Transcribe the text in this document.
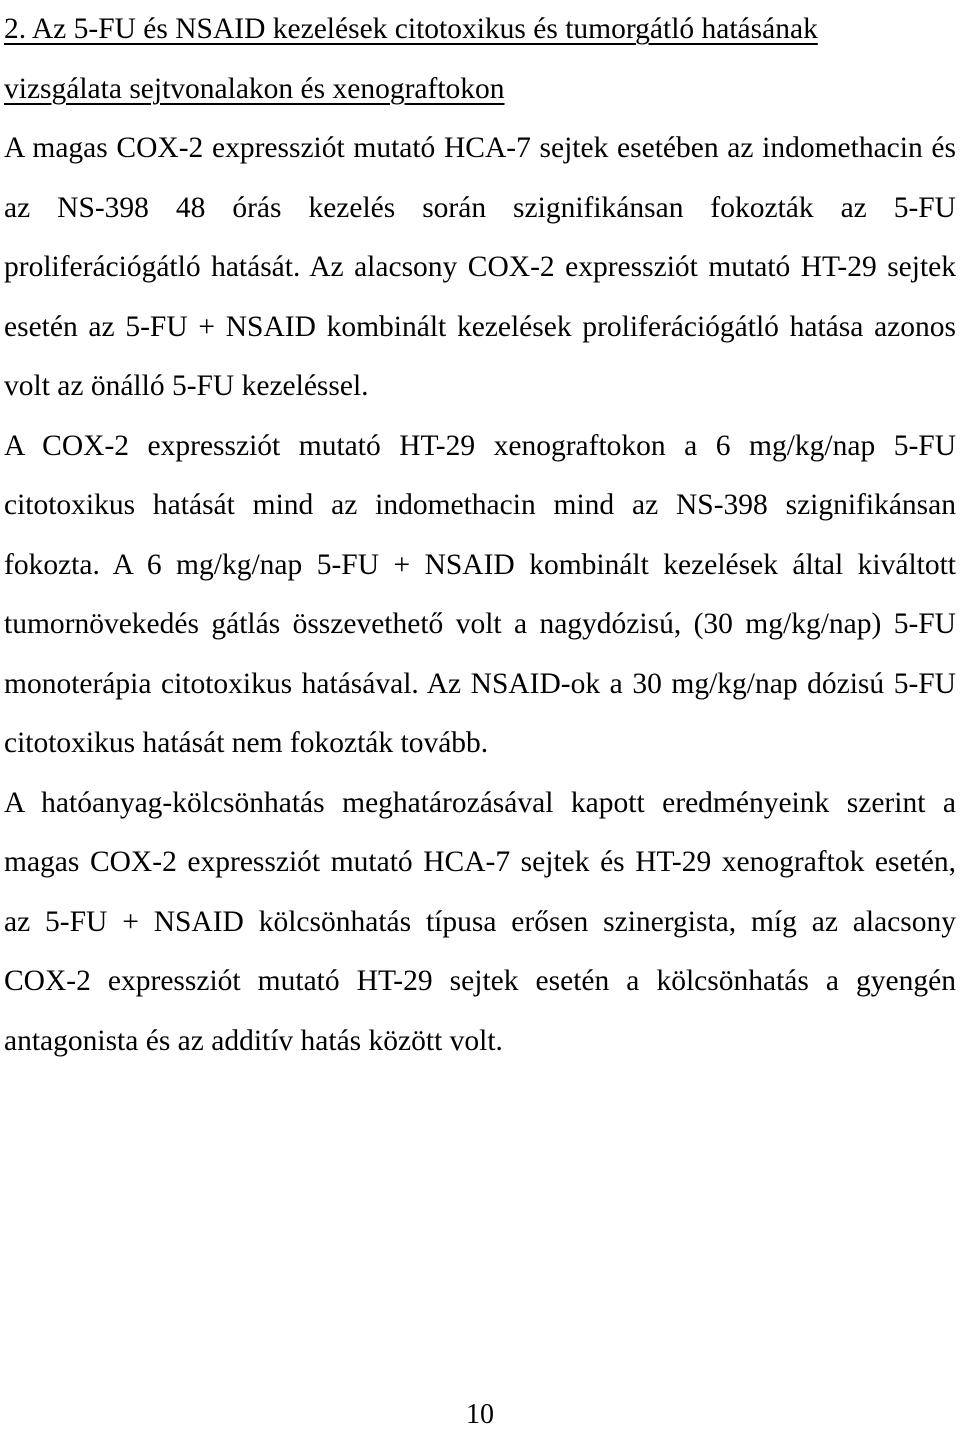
2. Az 5-FU és NSAID kezelések citotoxikus és tumorgátló hatásának
vizsgálata sejtvonalakon és xenograftokon

A magas COX-2 expressziót mutató HCA-7 sejtek esetében az indomethacin és az NS-398 48 órás kezelés során szignifikánsan fokozták az 5-FU proliferációgátló hatását. Az alacsony COX-2 expressziót mutató HT-29 sejtek esetén az 5-FU + NSAID kombinált kezelések proliferációgátló hatása azonos volt az önálló 5-FU kezeléssel.

A COX-2 expressziót mutató HT-29 xenograftokon a 6 mg/kg/nap 5-FU citotoxikus hatását mind az indomethacin mind az NS-398 szignifikánsan fokozta. A 6 mg/kg/nap 5-FU + NSAID kombinált kezelések által kiváltott tumornövekedés gátlás összevethető volt a nagydózisú, (30 mg/kg/nap) 5-FU monoterápia citotoxikus hatásával. Az NSAID-ok a 30 mg/kg/nap dózisú 5-FU citotoxikus hatását nem fokozták tovább.

A hatóanyag-kölcsönhatás meghatározásával kapott eredményeink szerint a magas COX-2 expressziót mutató HCA-7 sejtek és HT-29 xenograftok esetén, az 5-FU + NSAID kölcsönhatás típusa erősen szinergista, míg az alacsony COX-2 expressziót mutató HT-29 sejtek esetén a kölcsönhatás a gyengén antagonista és az additív hatás között volt.

10
